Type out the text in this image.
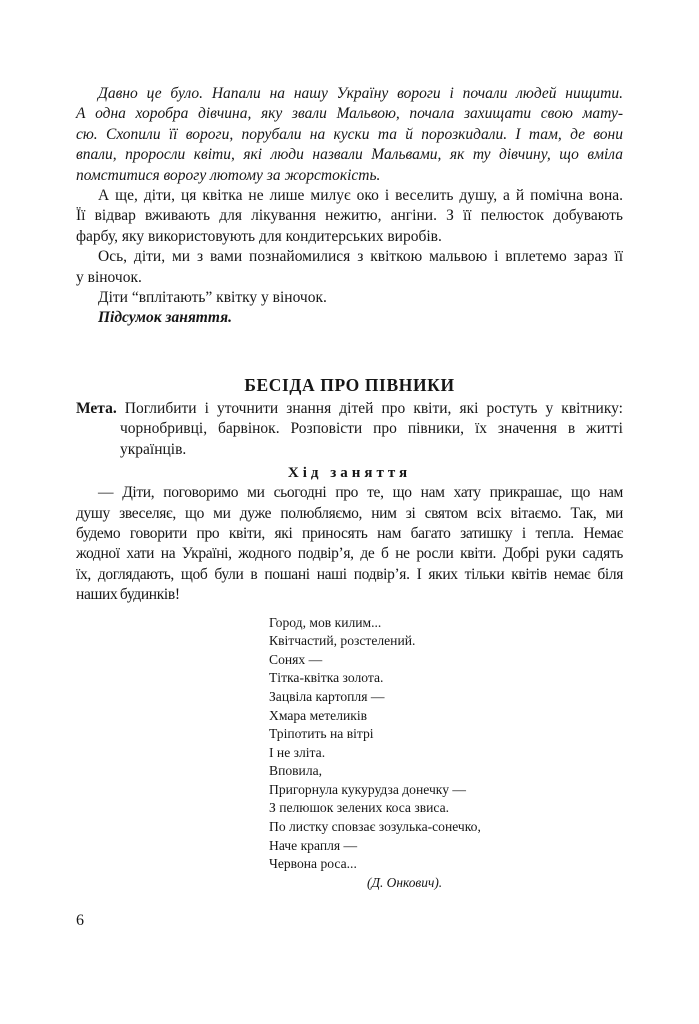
Давно це було. Напали на нашу Україну вороги і почали людей нищити.
А одна хоробра дівчина, яку звали Мальвою, почала захищати свою мату-
сю. Схопили її вороги, порубали на куски та й порозкидали. І там, де вони
впали, проросли квіти, які люди назвали Мальвами, як ту дівчину, що вміла
помститися ворогу лютому за жорстокість.

А ще, діти, ця квітка не лише милує око і веселить душу, а й помічна вона.
Її відвар вживають для лікування нежитю, ангіни. З її пелюсток добувають
фарбу, яку використовують для кондитерських виробів.

Ось, діти, ми з вами познайомилися з квіткою мальвою і вплетемо зараз її
у віночок.

Діти “вплітають” квітку у віночок.

Підсумок заняття.

БЕСІДА ПРО ПІВНИКИ
Мета. Поглибити і уточнити знання дітей про квіти, які ростуть у квітнику:
чорнобривці, барвінок. Розповісти про півники, їх значення в житті
українців.
Хід заняття

— Діти, поговоримо ми сьогодні про те, що нам хату прикрашає, що нам
душу звеселяє, що ми дуже полюбляємо, ним зі святом всіх вітаємо. Так, ми
будемо говорити про квіти, які приносять нам багато затишку і тепла. Немає
жодної хати на Україні, жодного подвір’я, де б не росли квіти. Добрі руки садять
їх, доглядають, щоб були в пошані наші подвір’я. І яких тільки квітів немає біля
наших будинків!

Город, мов килим...
Квітчастий, розстелений.
Сонях —
Тітка-квітка золота.
Зацвіла картопля —
Хмара метеликів
Тріпотить на вітрі
І не зліта.
Вповила,
Пригорнула кукурудза донечку —
З пелюшок зелених коса звиса.
По листку сповзає зозулька-сонечко,
Наче крапля —
Червона роса...
(Д. Онкович).
6
